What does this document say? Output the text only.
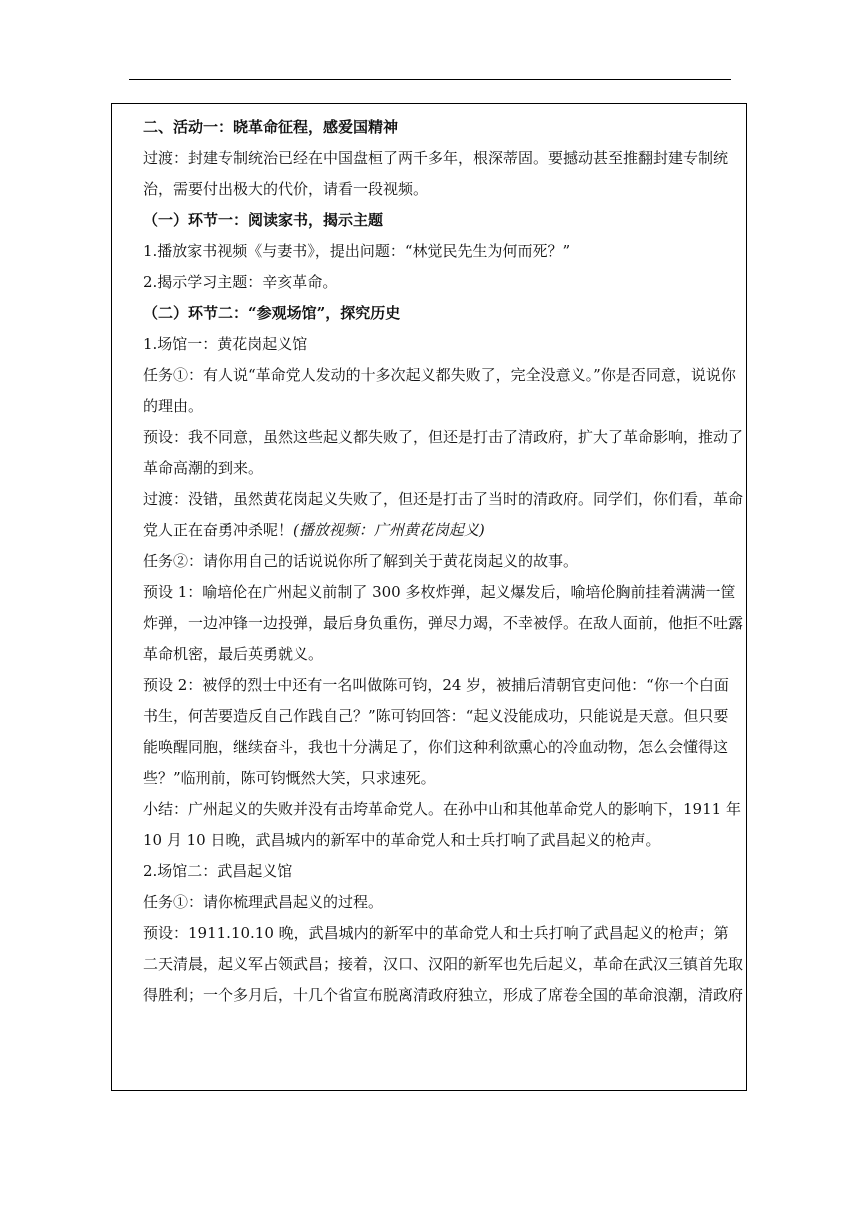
二、活动一：晓革命征程，感爱国精神

过渡：封建专制统治已经在中国盘桓了两千多年，根深蒂固。要撼动甚至推翻封建专制统治，需要付出极大的代价，请看一段视频。

（一）环节一：阅读家书，揭示主题

1.播放家书视频《与妻书》，提出问题：“林觉民先生为何而死？”

2.揭示学习主题：辛亥革命。

（二）环节二：“参观场馆”，探究历史

1.场馆一：黄花岗起义馆

任务①：有人说“革命党人发动的十多次起义都失败了，完全没意义。”你是否同意，说说你的理由。

预设：我不同意，虽然这些起义都失败了，但还是打击了清政府，扩大了革命影响，推动了革命高潮的到来。

过渡：没错，虽然黄花岗起义失败了，但还是打击了当时的清政府。同学们，你们看，革命党人正在奋勇冲杀呢！(播放视频：广州黄花岗起义)

任务②：请你用自己的话说说你所了解到关于黄花岗起义的故事。

预设 1：喻培伦在广州起义前制了 300 多枚炸弹，起义爆发后，喻培伦胸前挂着满满一筐炸弹，一边冲锋一边投弹，最后身负重伤，弹尽力竭，不幸被俘。在敌人面前，他拒不吐露革命机密，最后英勇就义。

预设 2：被俘的烈士中还有一名叫做陈可钧，24 岁，被捕后清朝官吏问他：“你一个白面书生，何苦要造反自己作践自己？”陈可钧回答：“起义没能成功，只能说是天意。但只要能唤醒同胞，继续奋斗，我也十分满足了，你们这种利欲熏心的冷血动物，怎么会懂得这些？”临刑前，陈可钧慨然大笑，只求速死。

小结：广州起义的失败并没有击垮革命党人。在孙中山和其他革命党人的影响下，1911 年 10 月 10 日晚，武昌城内的新军中的革命党人和士兵打响了武昌起义的枪声。

2.场馆二：武昌起义馆

任务①：请你梳理武昌起义的过程。

预设：1911.10.10 晚，武昌城内的新军中的革命党人和士兵打响了武昌起义的枪声；第二天清晨，起义军占领武昌；接着，汉口、汉阳的新军也先后起义，革命在武汉三镇首先取得胜利；一个多月后，十几个省宣布脱离清政府独立，形成了席卷全国的革命浪潮，清政府
